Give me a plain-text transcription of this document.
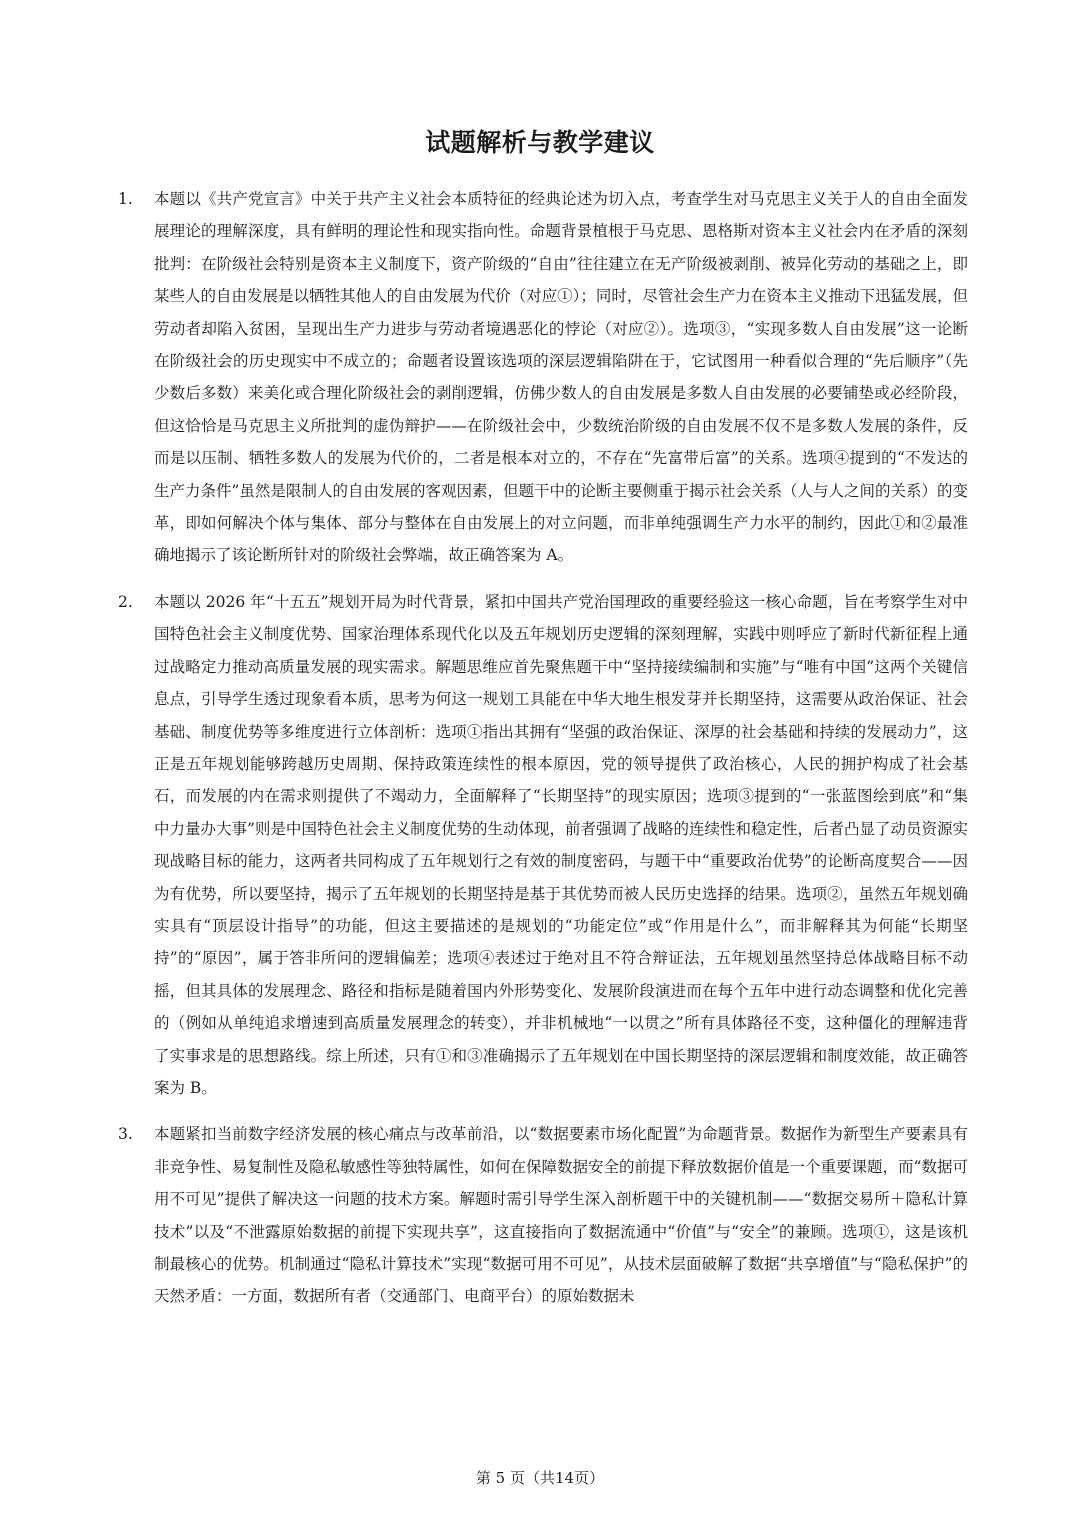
试题解析与教学建议
1. 本题以《共产党宣言》中关于共产主义社会本质特征的经典论述为切入点，考查学生对马克思主义关于人的自由全面发展理论的理解深度，具有鲜明的理论性和现实指向性。命题背景植根于马克思、恩格斯对资本主义社会内在矛盾的深刻批判：在阶级社会特别是资本主义制度下，资产阶级的“自由”往往建立在无产阶级被剥削、被异化劳动的基础之上，即某些人的自由发展是以牺牲其他人的自由发展为代价（对应①）；同时，尽管社会生产力在资本主义推动下迅猛发展，但劳动者却陷入贫困，呈现出生产力进步与劳动者境遇恶化的悖论（对应②）。选项③，“实现多数人自由发展”这一论断在阶级社会的历史现实中不成立的；命题者设置该选项的深层逻辑陷阱在于，它试图用一种看似合理的“先后顺序”（先少数后多数）来美化或合理化阶级社会的剥削逻辑，仿佛少数人的自由发展是多数人自由发展的必要铺垫或必经阶段，但这恰恰是马克思主义所批判的虚伪辩护——在阶级社会中，少数统治阶级的自由发展不仅不是多数人发展的条件，反而是以压制、牺牲多数人的发展为代价的，二者是根本对立的，不存在“先富带后富”的关系。选项④提到的“不发达的生产力条件”虽然是限制人的自由发展的客观因素，但题干中的论断主要侧重于揭示社会关系（人与人之间的关系）的变革，即如何解决个体与集体、部分与整体在自由发展上的对立问题，而非单纯强调生产力水平的制约，因此①和②最准确地揭示了该论断所针对的阶级社会弊端，故正确答案为 A。
2. 本题以 2026 年“十五五”规划开局为时代背景，紧扣中国共产党治国理政的重要经验这一核心命题，旨在考察学生对中国特色社会主义制度优势、国家治理体系现代化以及五年规划历史逻辑的深刻理解，实践中则呼应了新时代新征程上通过战略定力推动高质量发展的现实需求。解题思维应首先聚焦题干中“坚持接续编制和实施”与“唯有中国”这两个关键信息点，引导学生透过现象看本质，思考为何这一规划工具能在中华大地生根发芽并长期坚持，这需要从政治保证、社会基础、制度优势等多维度进行立体剖析：选项①指出其拥有“坚强的政治保证、深厚的社会基础和持续的发展动力”，这正是五年规划能够跨越历史周期、保持政策连续性的根本原因，党的领导提供了政治核心，人民的拥护构成了社会基石，而发展的内在需求则提供了不竭动力，全面解释了“长期坚持”的现实原因；选项③提到的“一张蓝图绘到底”和“集中力量办大事”则是中国特色社会主义制度优势的生动体现，前者强调了战略的连续性和稳定性，后者凸显了动员资源实现战略目标的能力，这两者共同构成了五年规划行之有效的制度密码，与题干中“重要政治优势”的论断高度契合——因为有优势，所以要坚持，揭示了五年规划的长期坚持是基于其优势而被人民历史选择的结果。选项②，虽然五年规划确实具有“顶层设计指导”的功能，但这主要描述的是规划的“功能定位”或“作用是什么”，而非解释其为何能“长期坚持”的“原因”，属于答非所问的逻辑偏差；选项④表述过于绝对且不符合辩证法，五年规划虽然坚持总体战略目标不动摇，但其具体的发展理念、路径和指标是随着国内外形势变化、发展阶段演进而在每个五年中进行动态调整和优化完善的（例如从单纯追求增速到高质量发展理念的转变），并非机械地“一以贯之”所有具体路径不变，这种僵化的理解违背了实事求是的思想路线。综上所述，只有①和③准确揭示了五年规划在中国长期坚持的深层逻辑和制度效能，故正确答案为 B。
3. 本题紧扣当前数字经济发展的核心痛点与改革前沿，以“数据要素市场化配置”为命题背景。数据作为新型生产要素具有非竞争性、易复制性及隐私敏感性等独特属性，如何在保障数据安全的前提下释放数据价值是一个重要课题，而“数据可用不可见”提供了解决这一问题的技术方案。解题时需引导学生深入剖析题干中的关键机制——“数据交易所＋隐私计算技术”以及“不泄露原始数据的前提下实现共享”，这直接指向了数据流通中“价值”与“安全”的兼顾。选项①，这是该机制最核心的优势。机制通过“隐私计算技术”实现“数据可用不可见”，从技术层面破解了数据“共享增值”与“隐私保护”的天然矛盾：一方面，数据所有者（交通部门、电商平台）的原始数据未
第 5 页（共14页）
